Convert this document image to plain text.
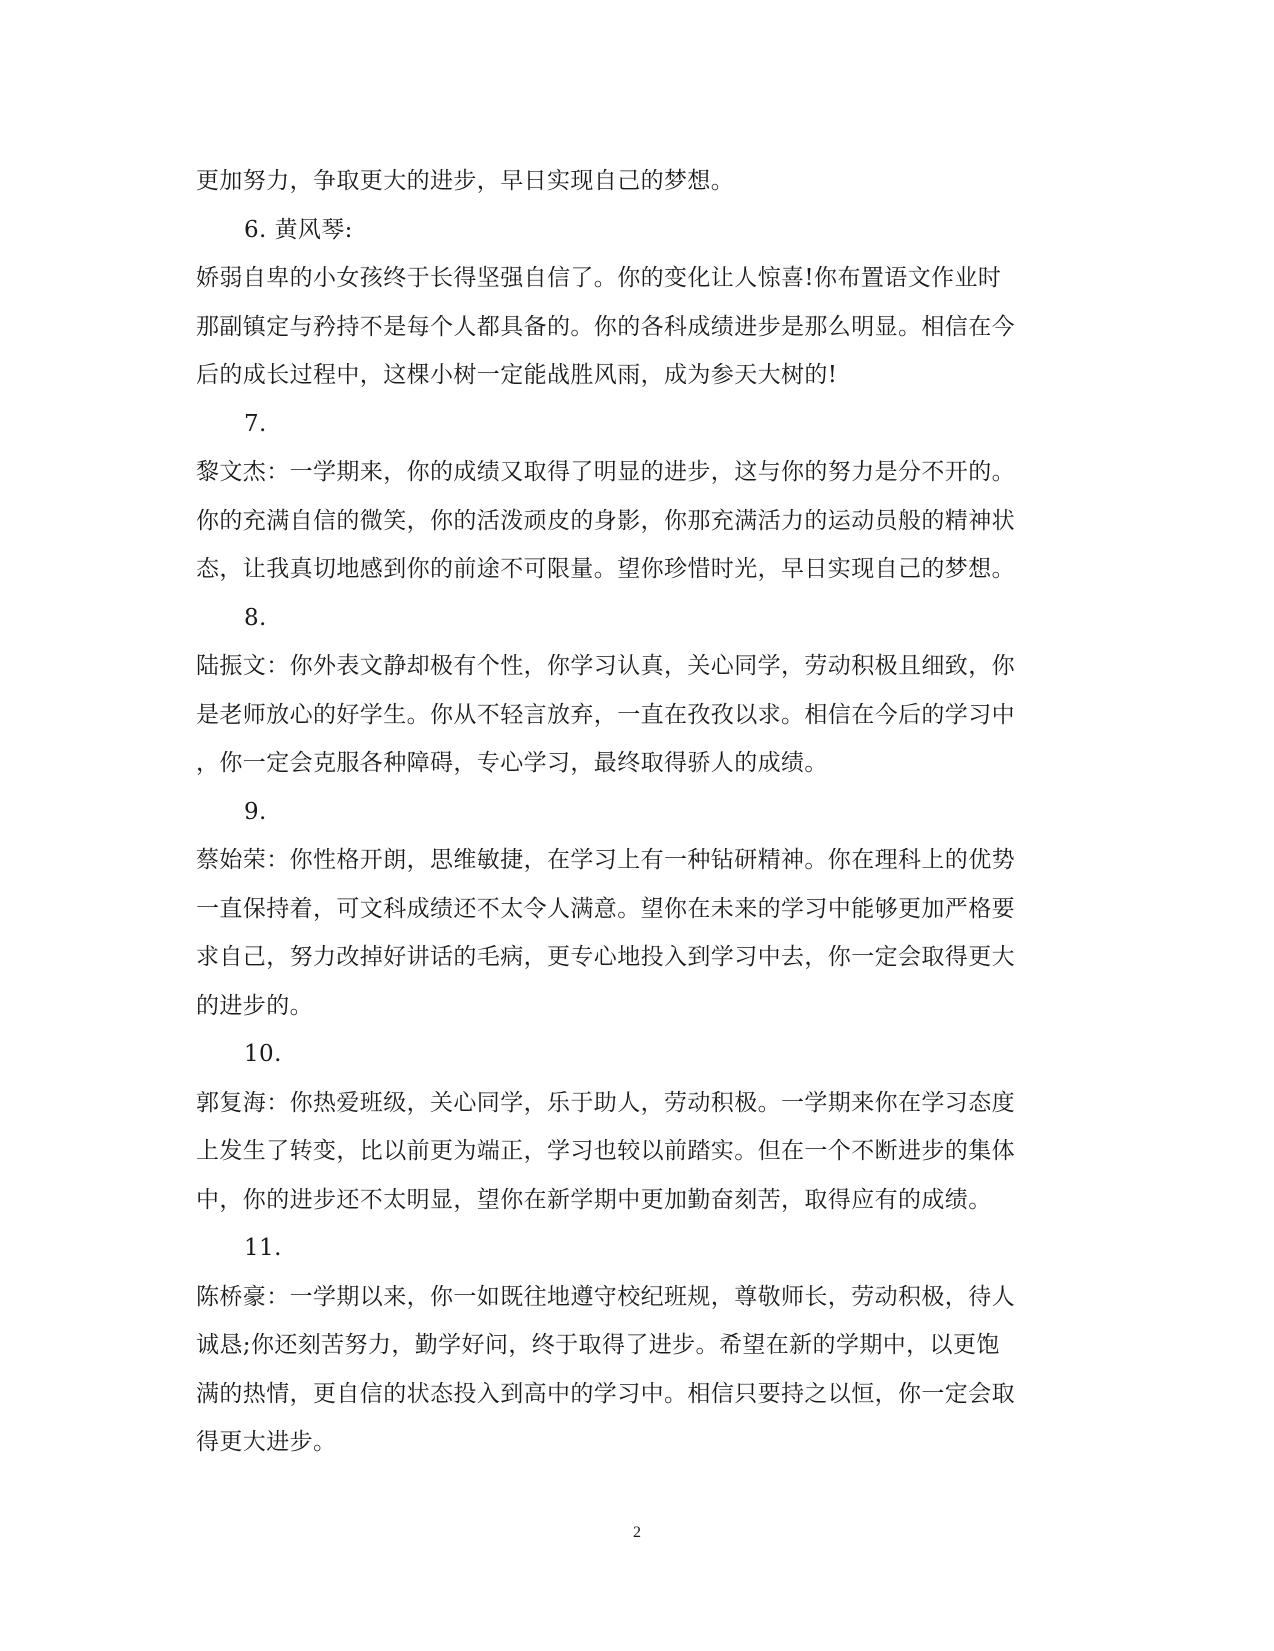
更加努力，争取更大的进步，早日实现自己的梦想。
6. 黄风琴:
娇弱自卑的小女孩终于长得坚强自信了。你的变化让人惊喜!你布置语文作业时
那副镇定与矜持不是每个人都具备的。你的各科成绩进步是那么明显。相信在今
后的成长过程中，这棵小树一定能战胜风雨，成为参天大树的!
7.
黎文杰：一学期来，你的成绩又取得了明显的进步，这与你的努力是分不开的。
你的充满自信的微笑，你的活泼顽皮的身影，你那充满活力的运动员般的精神状
态，让我真切地感到你的前途不可限量。望你珍惜时光，早日实现自己的梦想。
8.
陆振文：你外表文静却极有个性，你学习认真，关心同学，劳动积极且细致，你
是老师放心的好学生。你从不轻言放弃，一直在孜孜以求。相信在今后的学习中
，你一定会克服各种障碍，专心学习，最终取得骄人的成绩。
9.
蔡始荣：你性格开朗，思维敏捷，在学习上有一种钻研精神。你在理科上的优势
一直保持着，可文科成绩还不太令人满意。望你在未来的学习中能够更加严格要
求自己，努力改掉好讲话的毛病，更专心地投入到学习中去，你一定会取得更大
的进步的。
10.
郭复海：你热爱班级，关心同学，乐于助人，劳动积极。一学期来你在学习态度
上发生了转变，比以前更为端正，学习也较以前踏实。但在一个不断进步的集体
中，你的进步还不太明显，望你在新学期中更加勤奋刻苦，取得应有的成绩。
11.
陈桥豪：一学期以来，你一如既往地遵守校纪班规，尊敬师长，劳动积极，待人
诚恳;你还刻苦努力，勤学好问，终于取得了进步。希望在新的学期中，以更饱
满的热情，更自信的状态投入到高中的学习中。相信只要持之以恒，你一定会取
得更大进步。
2
